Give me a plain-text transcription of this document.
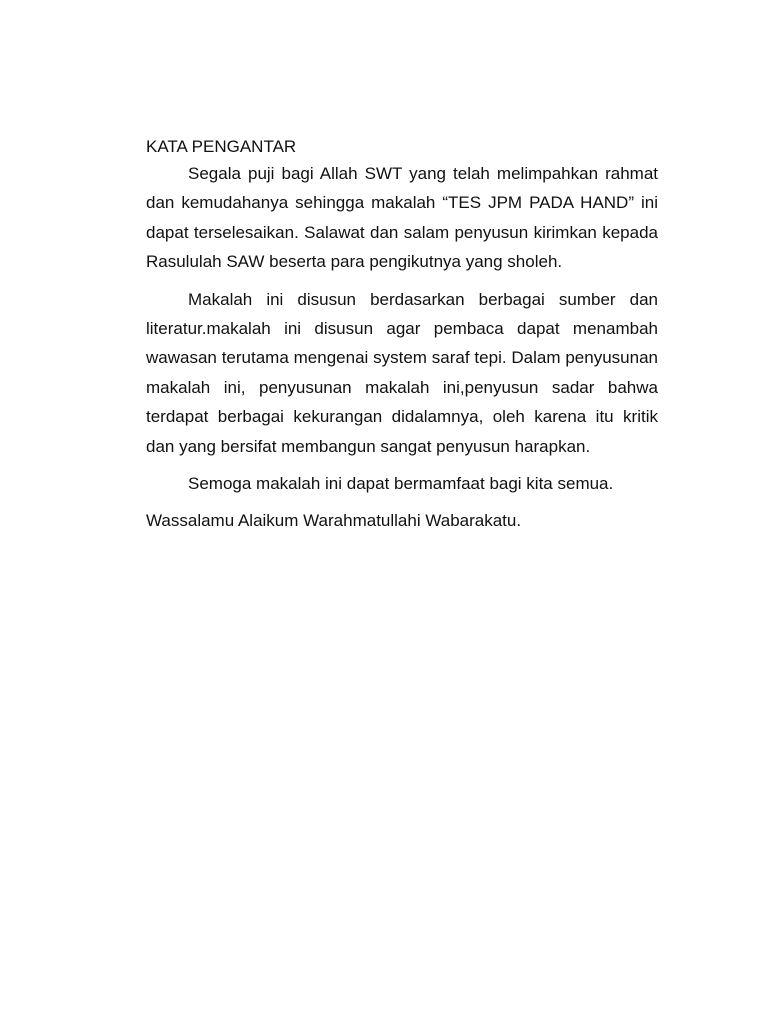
KATA PENGANTAR

Segala puji bagi Allah SWT yang telah melimpahkan rahmat dan kemudahanya sehingga makalah “TES JPM PADA HAND” ini dapat terselesaikan. Salawat dan salam penyusun kirimkan kepada Rasululah SAW beserta para pengikutnya yang sholeh.

Makalah ini disusun berdasarkan berbagai sumber dan literatur.makalah ini disusun agar pembaca dapat menambah wawasan terutama mengenai system saraf tepi. Dalam penyusunan makalah ini, penyusunan makalah ini,penyusun sadar bahwa terdapat berbagai kekurangan didalamnya, oleh karena itu kritik dan yang bersifat membangun sangat penyusun harapkan.

Semoga makalah ini dapat bermamfaat bagi kita semua.

Wassalamu Alaikum Warahmatullahi Wabarakatu.
